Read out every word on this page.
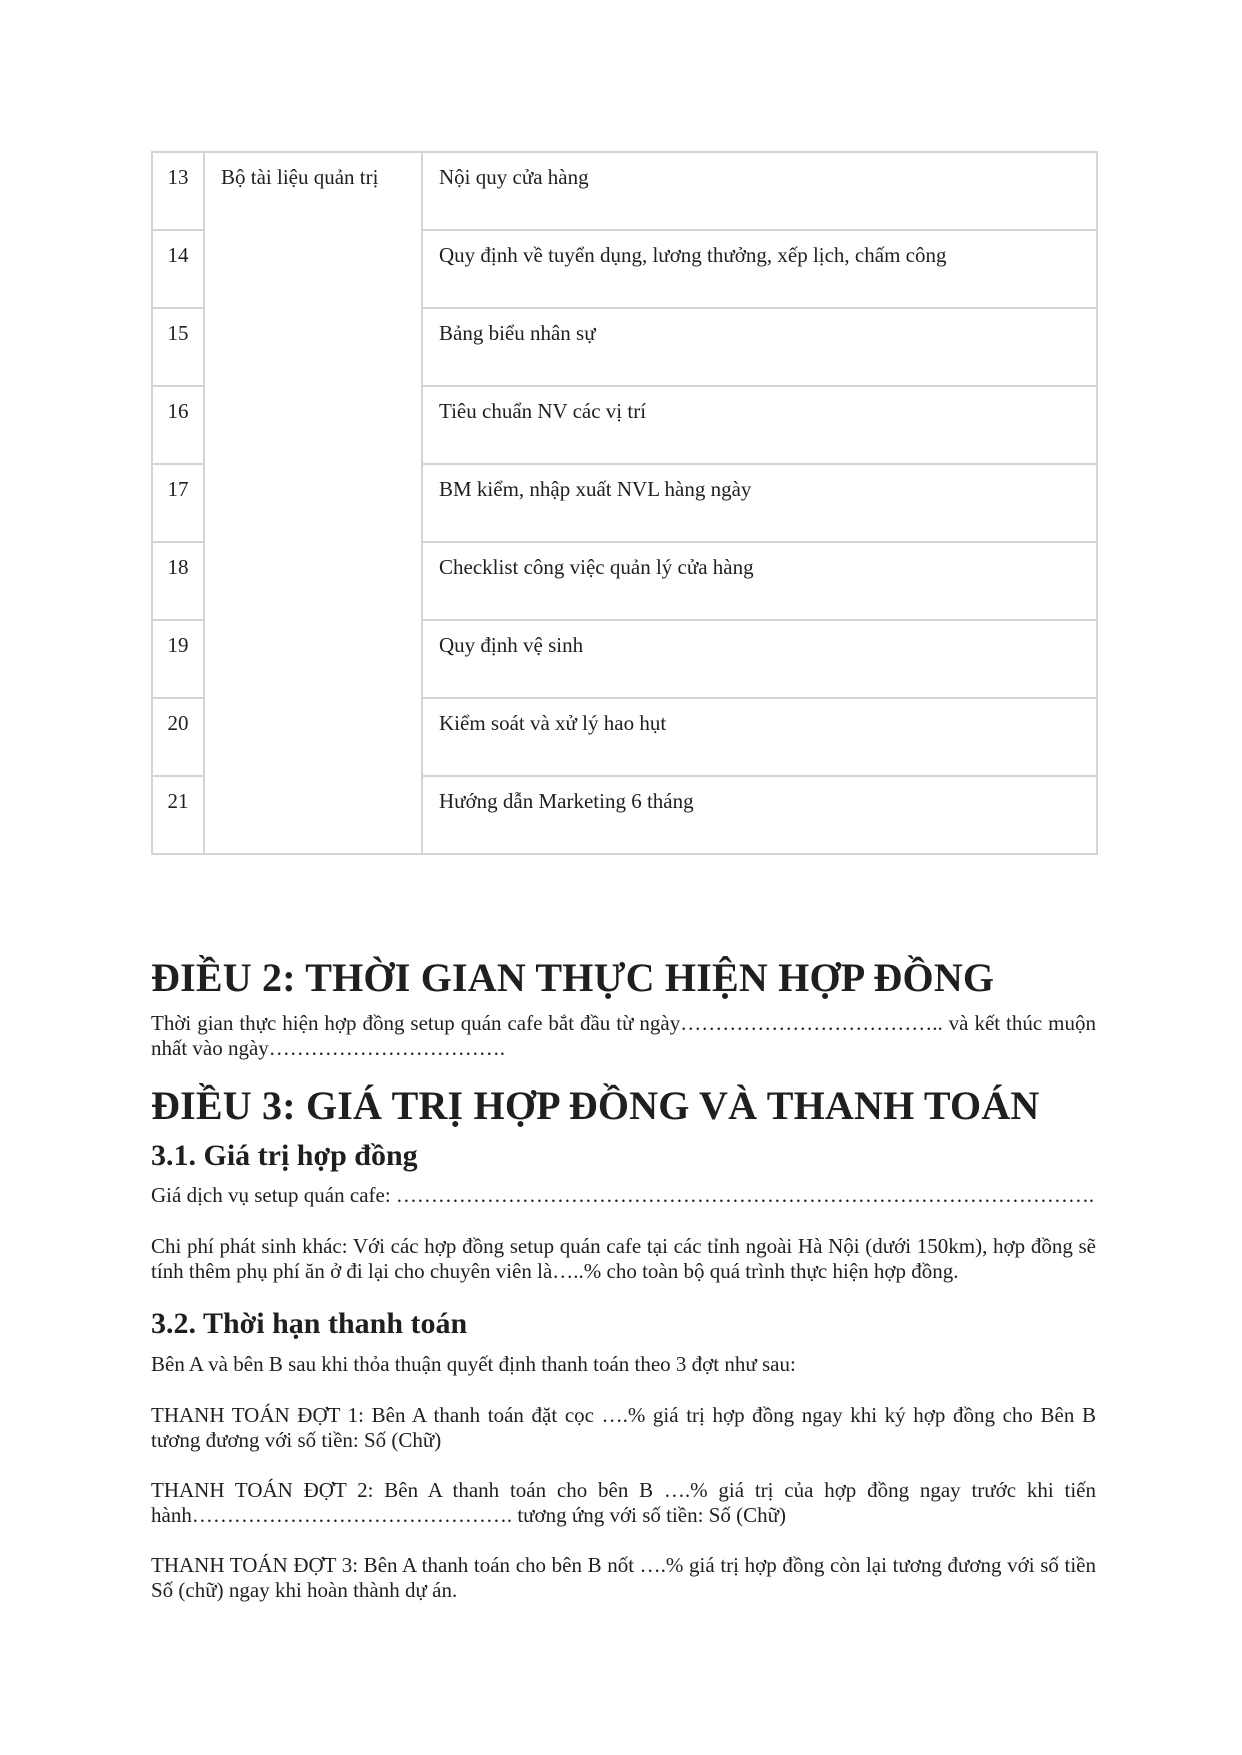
13	Bộ tài liệu quản trị	Nội quy cửa hàng
14		Quy định về tuyển dụng, lương thưởng, xếp lịch, chấm công
15		Bảng biểu nhân sự
16		Tiêu chuẩn NV các vị trí
17		BM kiểm, nhập xuất NVL hàng ngày
18		Checklist công việc quản lý cửa hàng
19		Quy định vệ sinh
20		Kiểm soát và xử lý hao hụt
21		Hướng dẫn Marketing 6 tháng
ĐIỀU 2: THỜI GIAN THỰC HIỆN HỢP ĐỒNG

Thời gian thực hiện hợp đồng setup quán cafe bắt đầu từ ngày……………………………….. và kết thúc muộn nhất vào ngày…………………………….

ĐIỀU 3: GIÁ TRỊ HỢP ĐỒNG VÀ THANH TOÁN
3.1. Giá trị hợp đồng

Giá dịch vụ setup quán cafe: ……………………………………………………………………………………….

Chi phí phát sinh khác: Với các hợp đồng setup quán cafe tại các tỉnh ngoài Hà Nội (dưới 150km), hợp đồng sẽ tính thêm phụ phí ăn ở đi lại cho chuyên viên là…..% cho toàn bộ quá trình thực hiện hợp đồng.

3.2. Thời hạn thanh toán

Bên A và bên B sau khi thỏa thuận quyết định thanh toán theo 3 đợt như sau:

THANH TOÁN ĐỢT 1: Bên A thanh toán đặt cọc ….% giá trị hợp đồng ngay khi ký hợp đồng cho Bên B tương đương với số tiền: Số (Chữ)

THANH TOÁN ĐỢT 2: Bên A thanh toán cho bên B ….% giá trị của hợp đồng ngay trước khi tiến hành………………………………………. tương ứng với số tiền: Số (Chữ)

THANH TOÁN ĐỢT 3: Bên A thanh toán cho bên B nốt ….% giá trị hợp đồng còn lại tương đương với số tiền Số (chữ) ngay khi hoàn thành dự án.
